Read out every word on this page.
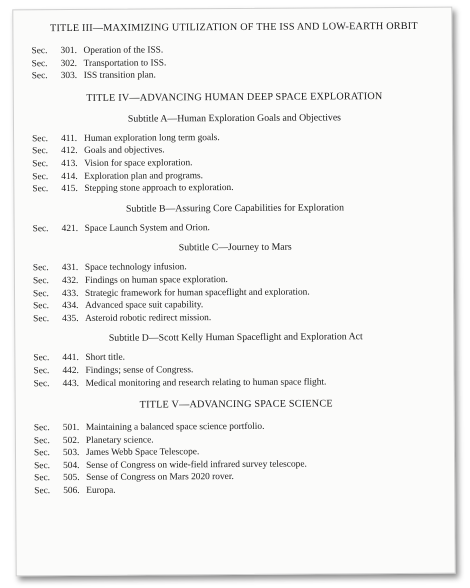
TITLE III—MAXIMIZING UTILIZATION OF THE ISS AND LOW-EARTH ORBIT

Sec.	301. Operation of the ISS.
Sec.	302. Transportation to ISS.
Sec.	303. ISS transition plan.

TITLE IV—ADVANCING HUMAN DEEP SPACE EXPLORATION

Subtitle A—Human Exploration Goals and Objectives

Sec.	411. Human exploration long term goals.
Sec.	412. Goals and objectives.
Sec.	413. Vision for space exploration.
Sec.	414. Exploration plan and programs.
Sec.	415. Stepping stone approach to exploration.

Subtitle B—Assuring Core Capabilities for Exploration

Sec.	421. Space Launch System and Orion.

Subtitle C—Journey to Mars

Sec.	431. Space technology infusion.
Sec.	432. Findings on human space exploration.
Sec.	433. Strategic framework for human spaceflight and exploration.
Sec.	434. Advanced space suit capability.
Sec.	435. Asteroid robotic redirect mission.

Subtitle D—Scott Kelly Human Spaceflight and Exploration Act

Sec.	441. Short title.
Sec.	442. Findings; sense of Congress.
Sec.	443. Medical monitoring and research relating to human space flight.

TITLE V—ADVANCING SPACE SCIENCE

Sec.	501. Maintaining a balanced space science portfolio.
Sec.	502. Planetary science.
Sec.	503. James Webb Space Telescope.
Sec.	504. Sense of Congress on wide-field infrared survey telescope.
Sec.	505. Sense of Congress on Mars 2020 rover.
Sec.	506. Europa.
